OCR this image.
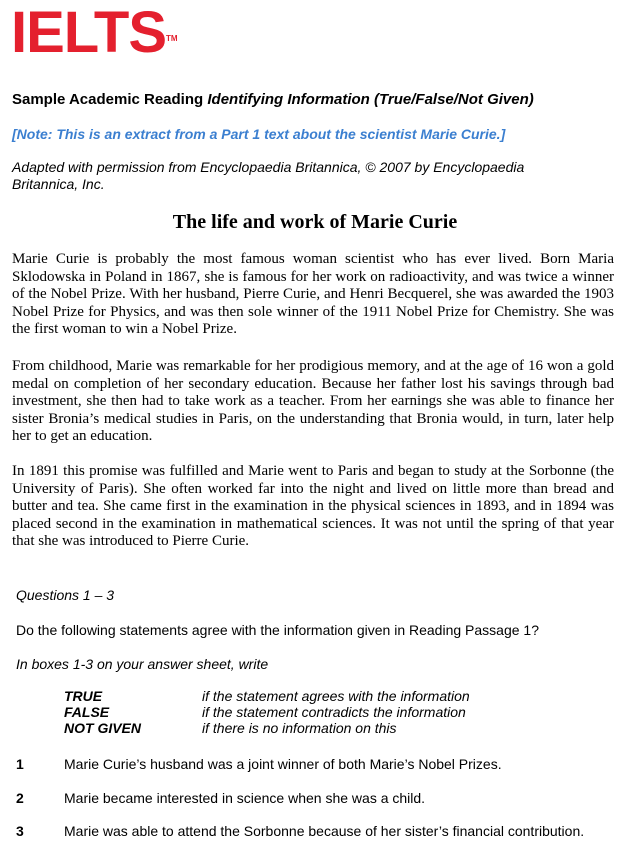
IELTS™
Sample Academic Reading Identifying Information (True/False/Not Given)
[Note: This is an extract from a Part 1 text about the scientist Marie Curie.]
Adapted with permission from Encyclopaedia Britannica, © 2007 by Encyclopaedia Britannica, Inc.
The life and work of Marie Curie
Marie Curie is probably the most famous woman scientist who has ever lived. Born Maria Sklodowska in Poland in 1867, she is famous for her work on radioactivity, and was twice a winner of the Nobel Prize. With her husband, Pierre Curie, and Henri Becquerel, she was awarded the 1903 Nobel Prize for Physics, and was then sole winner of the 1911 Nobel Prize for Chemistry. She was the first woman to win a Nobel Prize.
From childhood, Marie was remarkable for her prodigious memory, and at the age of 16 won a gold medal on completion of her secondary education. Because her father lost his savings through bad investment, she then had to take work as a teacher. From her earnings she was able to finance her sister Bronia’s medical studies in Paris, on the understanding that Bronia would, in turn, later help her to get an education.
In 1891 this promise was fulfilled and Marie went to Paris and began to study at the Sorbonne (the University of Paris). She often worked far into the night and lived on little more than bread and butter and tea. She came first in the examination in the physical sciences in 1893, and in 1894 was placed second in the examination in mathematical sciences. It was not until the spring of that year that she was introduced to Pierre Curie.
Questions 1 – 3
Do the following statements agree with the information given in Reading Passage 1?
In boxes 1-3 on your answer sheet, write
TRUE	if the statement agrees with the information
FALSE	if the statement contradicts the information
NOT GIVEN	if there is no information on this
1	Marie Curie’s husband was a joint winner of both Marie’s Nobel Prizes.
2	Marie became interested in science when she was a child.
3	Marie was able to attend the Sorbonne because of her sister’s financial contribution.
